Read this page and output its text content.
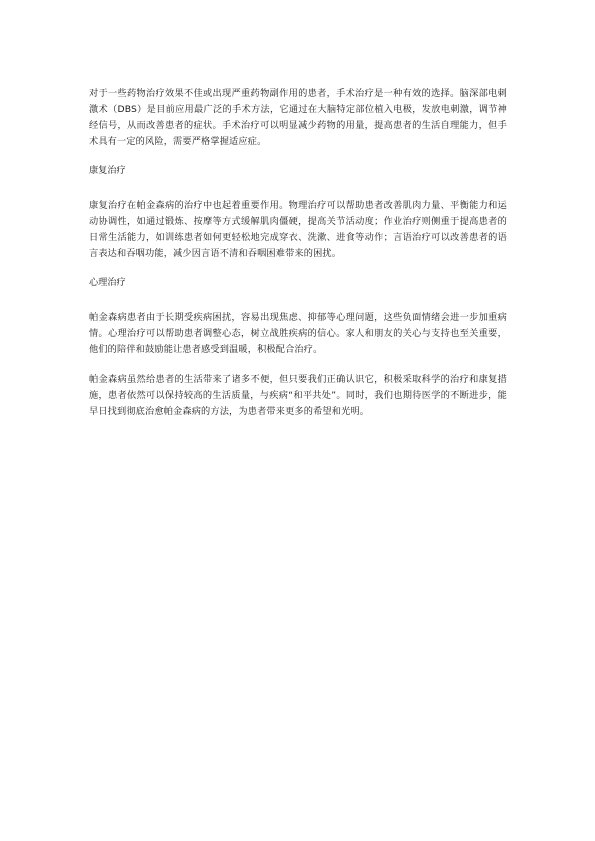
对于一些药物治疗效果不佳或出现严重药物副作用的患者，手术治疗是一种有效的选择。脑深部电刺激术（DBS）是目前应用最广泛的手术方法，它通过在大脑特定部位植入电极，发放电刺激，调节神经信号，从而改善患者的症状。手术治疗可以明显减少药物的用量，提高患者的生活自理能力，但手术具有一定的风险，需要严格掌握适应症。

康复治疗

康复治疗在帕金森病的治疗中也起着重要作用。物理治疗可以帮助患者改善肌肉力量、平衡能力和运动协调性，如通过锻炼、按摩等方式缓解肌肉僵硬，提高关节活动度；作业治疗则侧重于提高患者的日常生活能力，如训练患者如何更轻松地完成穿衣、洗漱、进食等动作；言语治疗可以改善患者的语言表达和吞咽功能，减少因言语不清和吞咽困难带来的困扰。

心理治疗

帕金森病患者由于长期受疾病困扰，容易出现焦虑、抑郁等心理问题，这些负面情绪会进一步加重病情。心理治疗可以帮助患者调整心态，树立战胜疾病的信心。家人和朋友的关心与支持也至关重要，他们的陪伴和鼓励能让患者感受到温暖，积极配合治疗。

帕金森病虽然给患者的生活带来了诸多不便，但只要我们正确认识它，积极采取科学的治疗和康复措施，患者依然可以保持较高的生活质量，与疾病“和平共处”。同时，我们也期待医学的不断进步，能早日找到彻底治愈帕金森病的方法，为患者带来更多的希望和光明。
